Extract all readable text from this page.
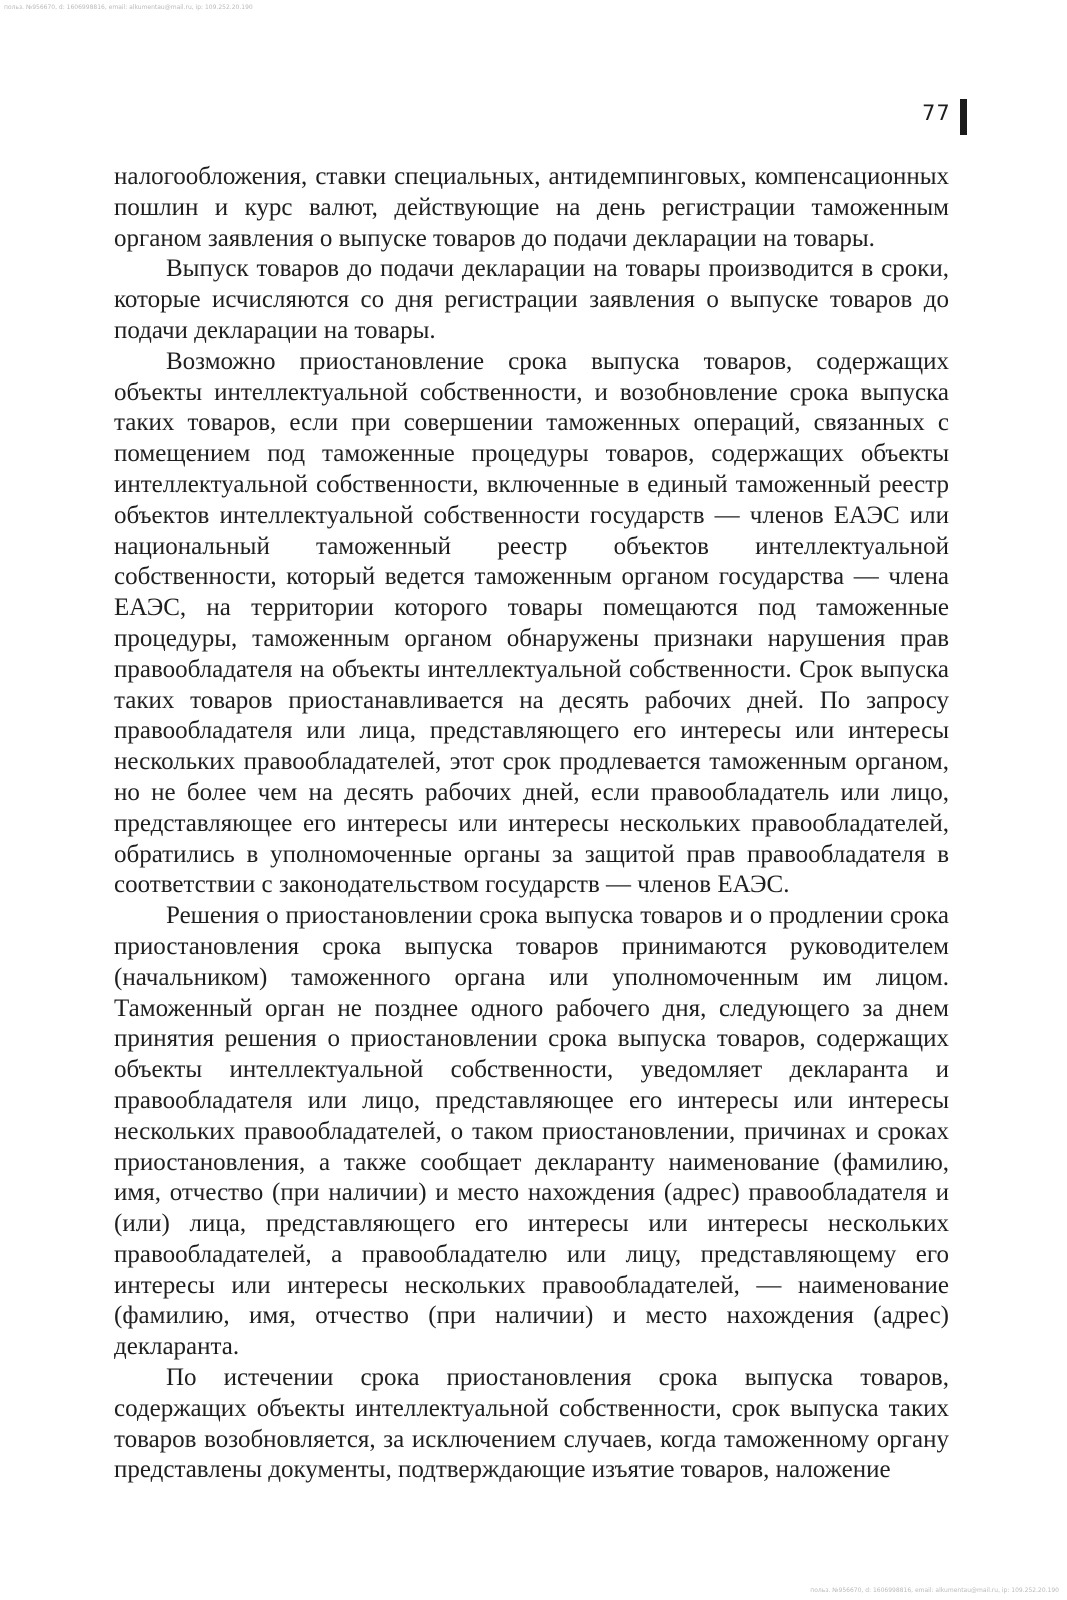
польз. №956670, d: 1606998816, email: alkumentau@mail.ru, ip: 109.252.20.190
77

налогообложения, ставки специальных, антидемпинговых, компенсационных пошлин и курс валют, действующие на день регистрации таможенным органом заявления о выпуске товаров до подачи декларации на товары.

Выпуск товаров до подачи декларации на товары производится в сроки, которые исчисляются со дня регистрации заявления о выпуске товаров до подачи декларации на товары.

Возможно приостановление срока выпуска товаров, содержащих объекты интеллектуальной собственности, и возобновление срока выпуска таких товаров, если при совершении таможенных операций, связанных с помещением под таможенные процедуры товаров, содержащих объекты интеллектуальной собственности, включенные в единый таможенный реестр объектов интеллектуальной собственности государств — членов ЕАЭС или национальный таможенный реестр объектов интеллектуальной собственности, который ведется таможенным органом государства — члена ЕАЭС, на территории которого товары помещаются под таможенные процедуры, таможенным органом обнаружены признаки нарушения прав правообладателя на объекты интеллектуальной собственности. Срок выпуска таких товаров приостанавливается на десять рабочих дней. По запросу правообладателя или лица, представляющего его интересы или интересы нескольких правообладателей, этот срок продлевается таможенным органом, но не более чем на десять рабочих дней, если правообладатель или лицо, представляющее его интересы или интересы нескольких правообладателей, обратились в уполномоченные органы за защитой прав правообладателя в соответствии с законодательством государств — членов ЕАЭС.

Решения о приостановлении срока выпуска товаров и о продлении срока приостановления срока выпуска товаров принимаются руководителем (начальником) таможенного органа или уполномоченным им лицом. Таможенный орган не позднее одного рабочего дня, следующего за днем принятия решения о приостановлении срока выпуска товаров, содержащих объекты интеллектуальной собственности, уведомляет декларанта и правообладателя или лицо, представляющее его интересы или интересы нескольких правообладателей, о таком приостановлении, причинах и сроках приостановления, а также сообщает декларанту наименование (фамилию, имя, отчество (при наличии) и место нахождения (адрес) правообладателя и (или) лица, представляющего его интересы или интересы нескольких правообладателей, а правообладателю или лицу, представляющему его интересы или интересы нескольких правообладателей, — наименование (фамилию, имя, отчество (при наличии) и место нахождения (адрес) декларанта.

По истечении срока приостановления срока выпуска товаров, содержащих объекты интеллектуальной собственности, срок выпуска таких товаров возобновляется, за исключением случаев, когда таможенному органу представлены документы, подтверждающие изъятие товаров, наложение

польз. №956670, d: 1606998816, email: alkumentau@mail.ru, ip: 109.252.20.190
